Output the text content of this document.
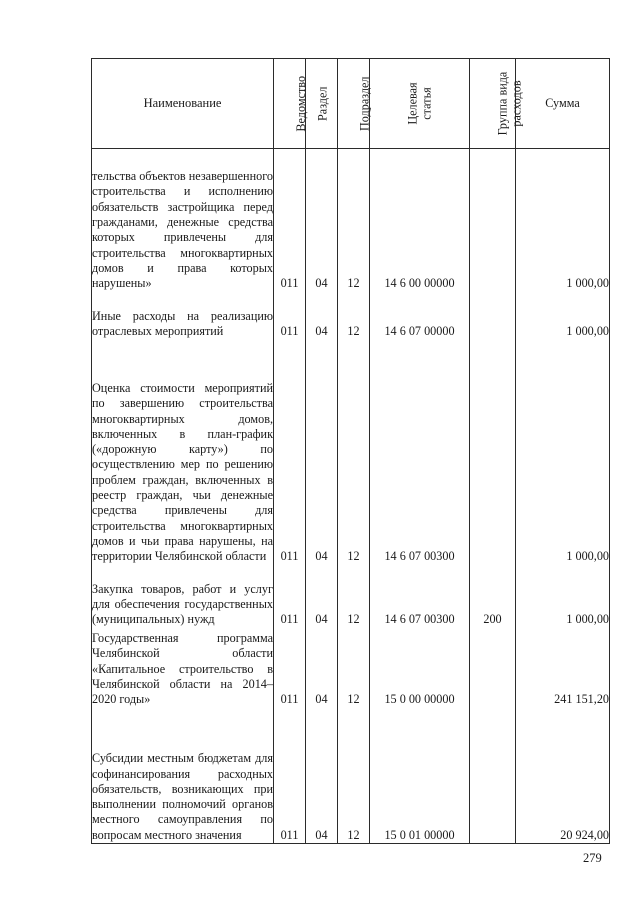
Наименование	Ведомство	Раздел	Подраздел	Целевая статья	Группа вида расходов	Сумма
тельства объектов незавершенного строительства и исполнению обязательств застройщика перед гражданами, денежные средства которых привлечены для строительства многоквартирных домов и права которых нарушены»	011	04	12	14 6 00 00000		1 000,00
Иные расходы на реализацию отраслевых мероприятий	011	04	12	14 6 07 00000		1 000,00
Оценка стоимости мероприятий по завершению строительства многоквартирных домов, включенных в план-график («дорожную карту») по осуществлению мер по решению проблем граждан, включенных в реестр граждан, чьи денежные средства привлечены для строительства многоквартирных домов и чьи права нарушены, на территории Челябинской области	011	04	12	14 6 07 00300		1 000,00
Закупка товаров, работ и услуг для обеспечения государственных (муниципальных) нужд	011	04	12	14 6 07 00300	200	1 000,00
Государственная программа Челябинской области «Капитальное строительство в Челябинской области на 2014–2020 годы»	011	04	12	15 0 00 00000		241 151,20
Субсидии местным бюджетам для софинансирования расходных обязательств, возникающих при выполнении полномочий органов местного самоуправления по вопросам местного значения	011	04	12	15 0 01 00000		20 924,00
279
